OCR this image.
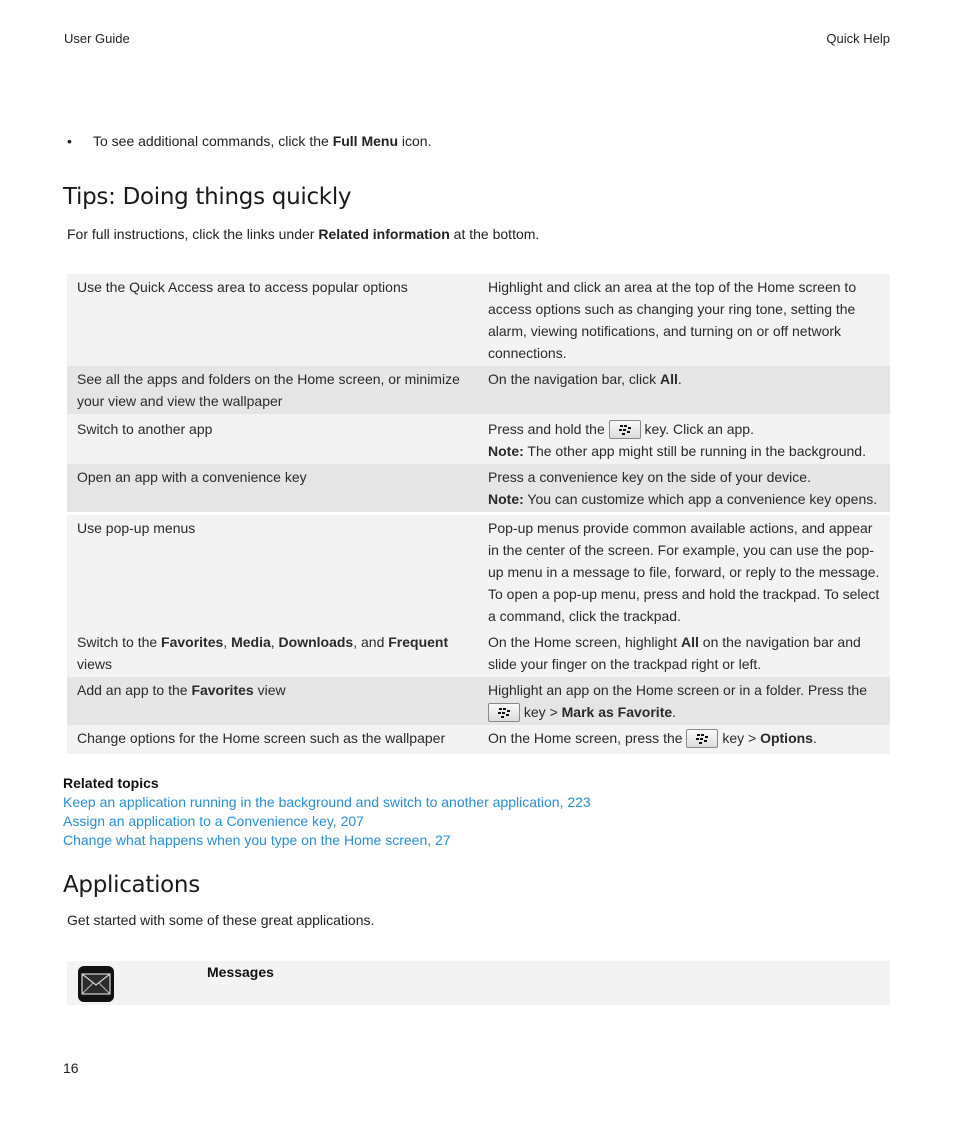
User Guide	Quick Help
•	To see additional commands, click the Full Menu icon.
Tips: Doing things quickly
For full instructions, click the links under Related information at the bottom.
Use the Quick Access area to access popular options	Highlight and click an area at the top of the Home screen to access options such as changing your ring tone, setting the alarm, viewing notifications, and turning on or off network connections.
See all the apps and folders on the Home screen, or minimize your view and view the wallpaper	On the navigation bar, click All.
Switch to another app	Press and hold the  key. Click an app.
Note: The other app might still be running in the background.
Open an app with a convenience key	Press a convenience key on the side of your device.
Note: You can customize which app a convenience key opens.

Use pop-up menus	Pop-up menus provide common available actions, and appear in the center of the screen. For example, you can use the pop-up menu in a message to file, forward, or reply to the message. To open a pop-up menu, press and hold the trackpad. To select a command, click the trackpad.
Switch to the Favorites, Media, Downloads, and Frequent views	On the Home screen, highlight All on the navigation bar and slide your finger on the trackpad right or left.
Add an app to the Favorites view	Highlight an app on the Home screen or in a folder. Press the  key > Mark as Favorite.
Change options for the Home screen such as the wallpaper	On the Home screen, press the  key > Options.
Related topics
Keep an application running in the background and switch to another application, 223
Assign an application to a Convenience key, 207
Change what happens when you type on the Home screen, 27
Applications
Get started with some of these great applications.
Messages
16
